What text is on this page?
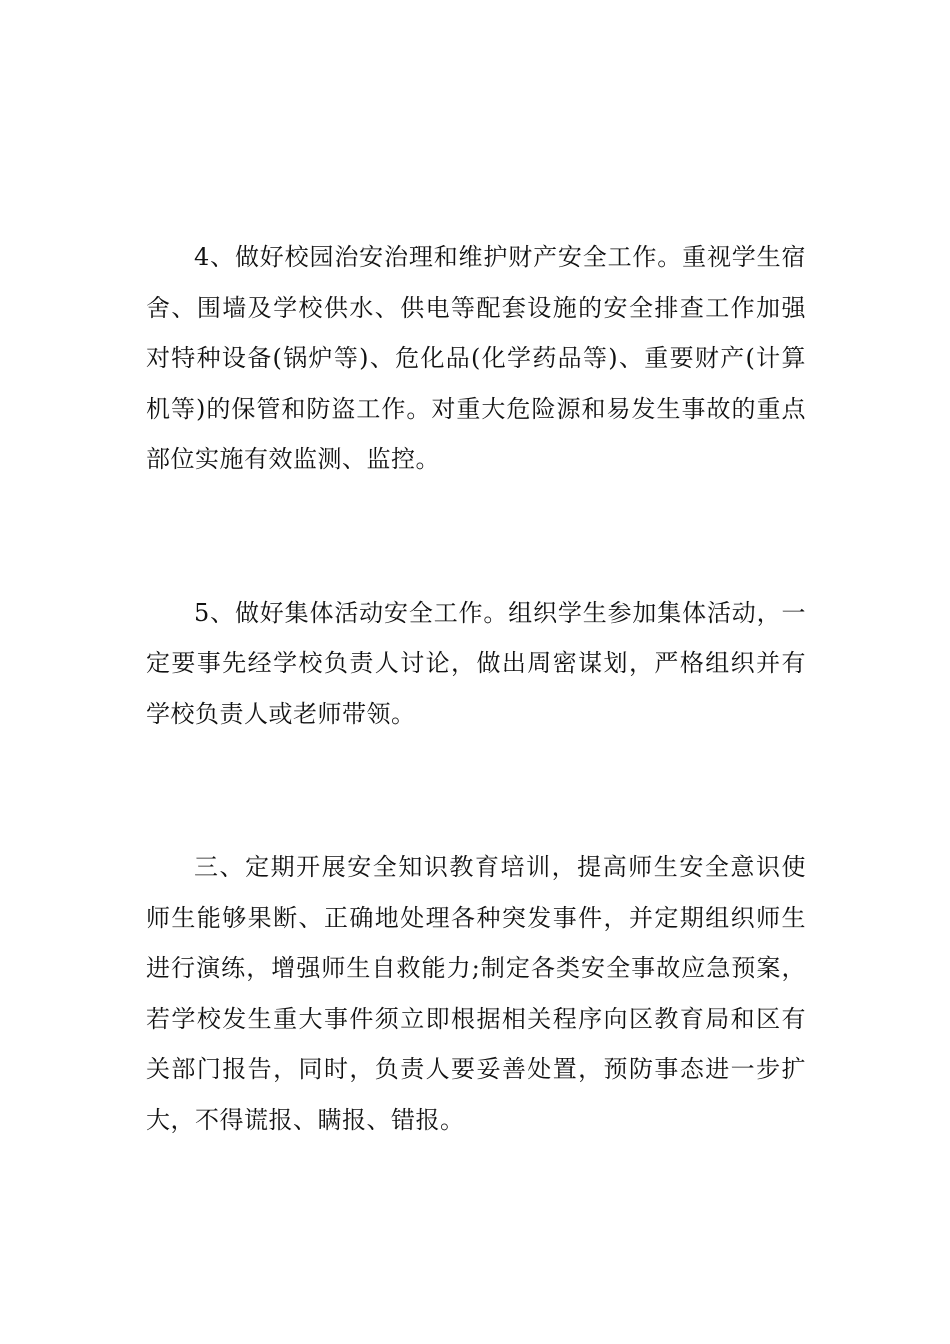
4、做好校园治安治理和维护财产安全工作。重视学生宿舍、围墙及学校供水、供电等配套设施的安全排查工作加强对特种设备(锅炉等)、危化品(化学药品等)、重要财产(计算机等)的保管和防盗工作。对重大危险源和易发生事故的重点部位实施有效监测、监控。

5、做好集体活动安全工作。组织学生参加集体活动，一定要事先经学校负责人讨论，做出周密谋划，严格组织并有学校负责人或老师带领。

三、定期开展安全知识教育培训，提高师生安全意识使师生能够果断、正确地处理各种突发事件，并定期组织师生进行演练，增强师生自救能力;制定各类安全事故应急预案，若学校发生重大事件须立即根据相关程序向区教育局和区有关部门报告，同时，负责人要妥善处置，预防事态进一步扩大，不得谎报、瞒报、错报。
